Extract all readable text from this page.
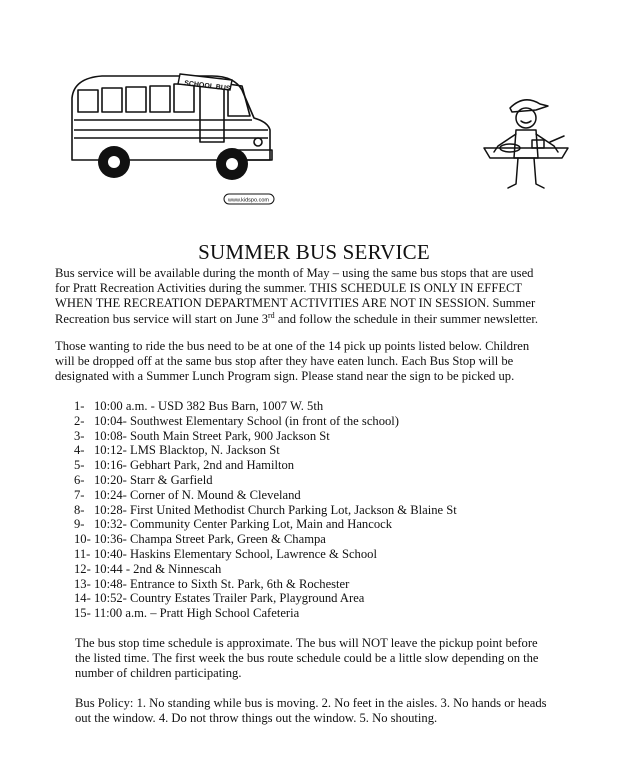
SCHOOL BUS
www.kidspo.com
SUMMER BUS SERVICE
Bus service will be available during the month of May – using the same bus stops that are used
for Pratt Recreation Activities during the summer. THIS SCHEDULE IS ONLY IN EFFECT
WHEN THE RECREATION DEPARTMENT ACTIVITIES ARE NOT IN SESSION. Summer
Recreation bus service will start on June 3rd and follow the schedule in their summer newsletter.
Those wanting to ride the bus need to be at one of the 14 pick up points listed below. Children
will be dropped off at the same bus stop after they have eaten lunch. Each Bus Stop will be
designated with a Summer Lunch Program sign. Please stand near the sign to be picked up.
1- 10:00 a.m. - USD 382 Bus Barn, 1007 W. 5th
2- 10:04- Southwest Elementary School (in front of the school)
3- 10:08- South Main Street Park, 900 Jackson St
4- 10:12- LMS Blacktop, N. Jackson St
5- 10:16- Gebhart Park, 2nd and Hamilton
6- 10:20- Starr & Garfield
7- 10:24- Corner of N. Mound & Cleveland
8- 10:28- First United Methodist Church Parking Lot, Jackson & Blaine St
9- 10:32- Community Center Parking Lot, Main and Hancock
10- 10:36- Champa Street Park, Green & Champa
11- 10:40- Haskins Elementary School, Lawrence & School
12- 10:44 - 2nd & Ninnescah
13- 10:48- Entrance to Sixth St. Park, 6th & Rochester
14- 10:52- Country Estates Trailer Park, Playground Area
15- 11:00 a.m. – Pratt High School Cafeteria
The bus stop time schedule is approximate. The bus will NOT leave the pickup point before
the listed time. The first week the bus route schedule could be a little slow depending on the
number of children participating.
Bus Policy: 1. No standing while bus is moving. 2. No feet in the aisles. 3. No hands or heads
out the window. 4. Do not throw things out the window. 5. No shouting.
